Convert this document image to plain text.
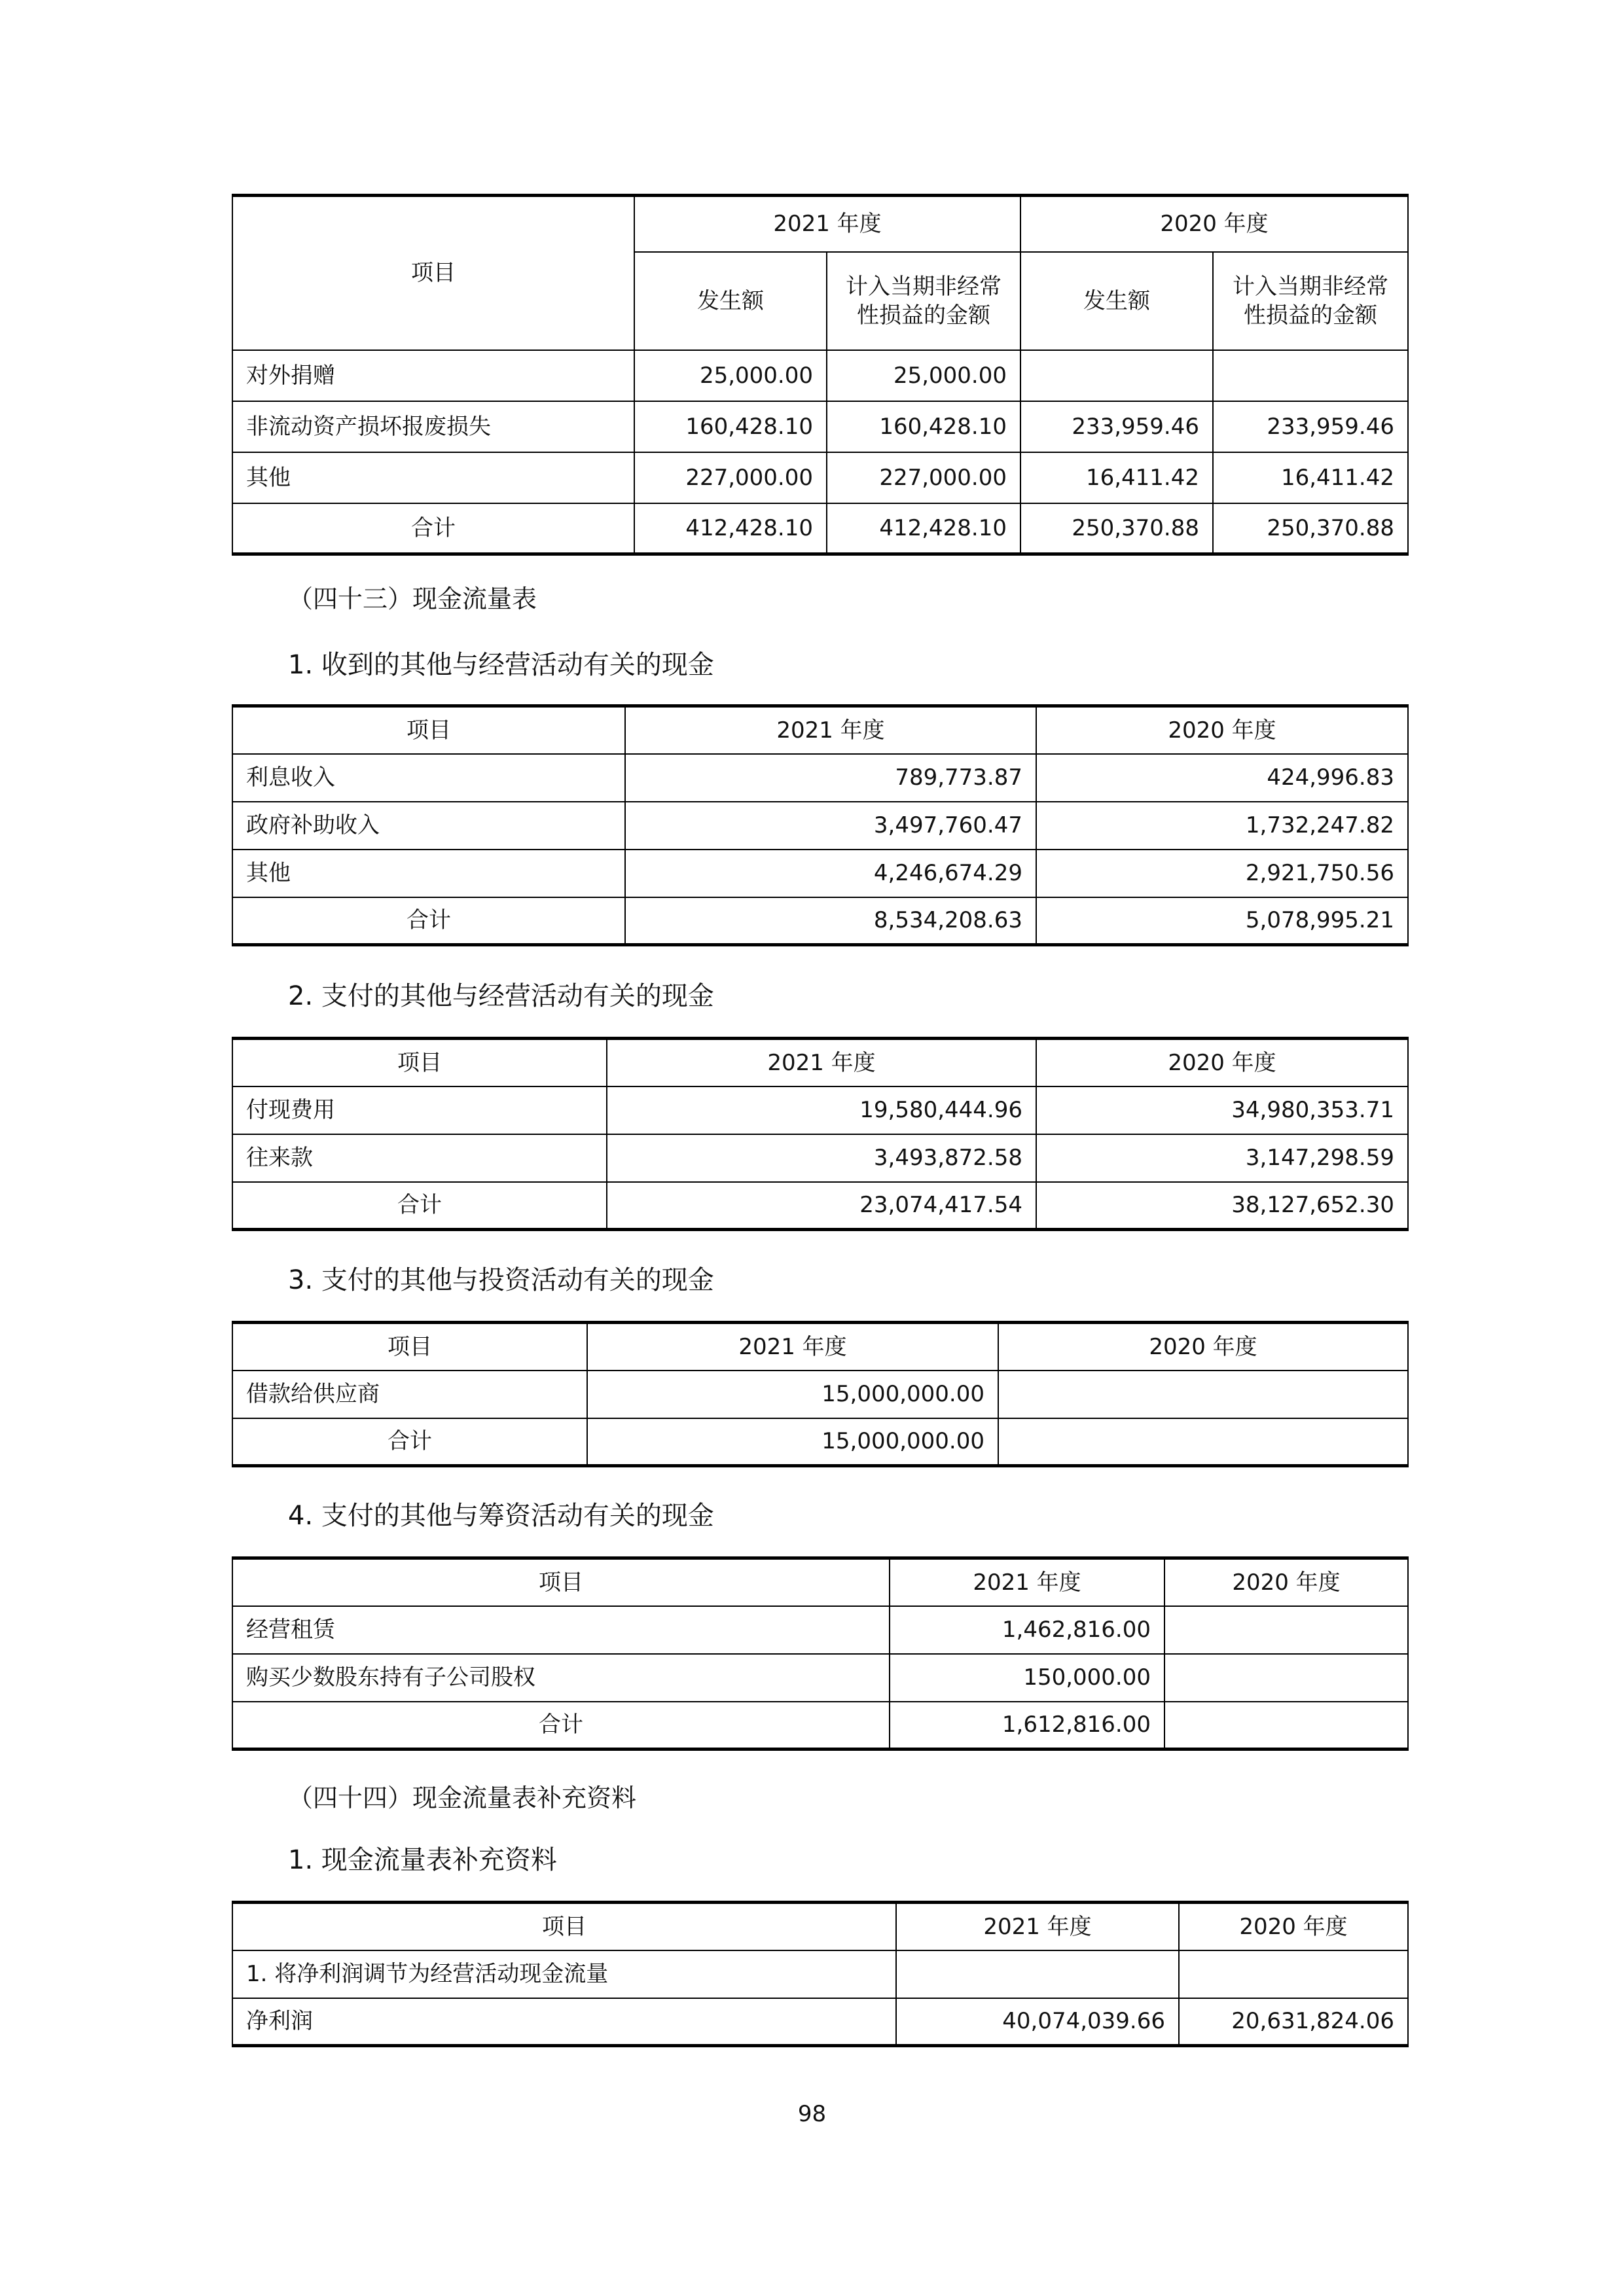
项目	2021 年度		2020 年度	
	发生额	计入当期非经常性损益的金额	发生额	计入当期非经常性损益的金额
对外捐赠	25,000.00	25,000.00		
非流动资产损坏报废损失	160,428.10	160,428.10	233,959.46	233,959.46
其他	227,000.00	227,000.00	16,411.42	16,411.42
合计	412,428.10	412,428.10	250,370.88	250,370.88
（四十三）现金流量表
1. 收到的其他与经营活动有关的现金
项目	2021 年度	2020 年度
利息收入	789,773.87	424,996.83
政府补助收入	3,497,760.47	1,732,247.82
其他	4,246,674.29	2,921,750.56
合计	8,534,208.63	5,078,995.21
2. 支付的其他与经营活动有关的现金
项目	2021 年度	2020 年度
付现费用	19,580,444.96	34,980,353.71
往来款	3,493,872.58	3,147,298.59
合计	23,074,417.54	38,127,652.30
3. 支付的其他与投资活动有关的现金
项目	2021 年度	2020 年度
借款给供应商	15,000,000.00	
合计	15,000,000.00	
4. 支付的其他与筹资活动有关的现金
项目	2021 年度	2020 年度
经营租赁	1,462,816.00	
购买少数股东持有子公司股权	150,000.00	
合计	1,612,816.00	
（四十四）现金流量表补充资料
1. 现金流量表补充资料
项目	2021 年度	2020 年度
1. 将净利润调节为经营活动现金流量		
净利润	40,074,039.66	20,631,824.06
98
